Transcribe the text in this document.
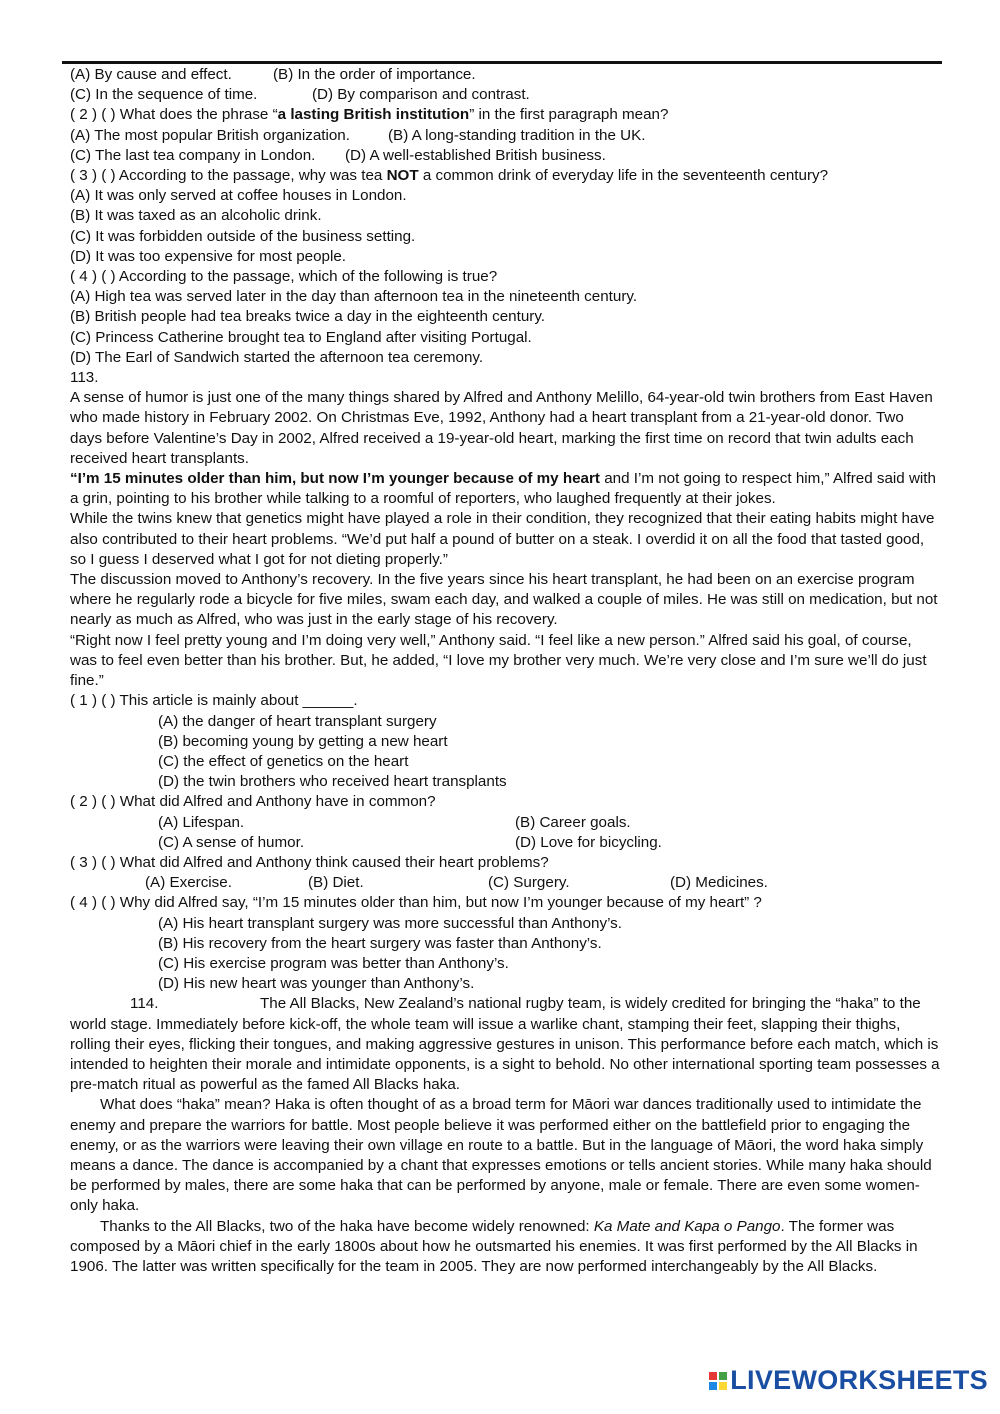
(A) By cause and effect.	(B) In the order of importance.
(C) In the sequence of time.	(D) By comparison and contrast.
( 2 ) ( ) What does the phrase “a lasting British institution” in the first paragraph mean?
(A) The most popular British organization.	(B) A long-standing tradition in the UK.
(C) The last tea company in London. (D) A well-established British business.
( 3 ) ( ) According to the passage, why was tea NOT a common drink of everyday life in the seventeenth century?
(A) It was only served at coffee houses in London.
(B) It was taxed as an alcoholic drink.
(C) It was forbidden outside of the business setting.
(D) It was too expensive for most people.
( 4 ) ( ) According to the passage, which of the following is true?
(A) High tea was served later in the day than afternoon tea in the nineteenth century.
(B) British people had tea breaks twice a day in the eighteenth century.
(C) Princess Catherine brought tea to England after visiting Portugal.
(D) The Earl of Sandwich started the afternoon tea ceremony.
113.
A sense of humor is just one of the many things shared by Alfred and Anthony Melillo, 64-year-old twin brothers from East Haven who made history in February 2002. On Christmas Eve, 1992, Anthony had a heart transplant from a 21-year-old donor. Two days before Valentine’s Day in 2002, Alfred received a 19-year-old heart, marking the first time on record that twin adults each received heart transplants.
“I’m 15 minutes older than him, but now I’m younger because of my heart and I’m not going to respect him,” Alfred said with a grin, pointing to his brother while talking to a roomful of reporters, who laughed frequently at their jokes.
While the twins knew that genetics might have played a role in their condition, they recognized that their eating habits might have also contributed to their heart problems. “We’d put half a pound of butter on a steak. I overdid it on all the food that tasted good, so I guess I deserved what I got for not dieting properly.”
The discussion moved to Anthony’s recovery. In the five years since his heart transplant, he had been on an exercise program where he regularly rode a bicycle for five miles, swam each day, and walked a couple of miles. He was still on medication, but not nearly as much as Alfred, who was just in the early stage of his recovery.
“Right now I feel pretty young and I’m doing very well,” Anthony said. “I feel like a new person.” Alfred said his goal, of course, was to feel even better than his brother. But, he added, “I love my brother very much. We’re very close and I’m sure we’ll do just fine.”
( 1 ) ( ) This article is mainly about ______.
(A) the danger of heart transplant surgery
(B) becoming young by getting a new heart
(C) the effect of genetics on the heart
(D) the twin brothers who received heart transplants
( 2 ) ( ) What did Alfred and Anthony have in common?
(A) Lifespan.	(B) Career goals.
(C) A sense of humor.	(D) Love for bicycling.
( 3 ) ( ) What did Alfred and Anthony think caused their heart problems?
(A) Exercise.	(B) Diet.	(C) Surgery.	(D) Medicines.
( 4 ) ( ) Why did Alfred say, “I’m 15 minutes older than him, but now I’m younger because of my heart” ?
(A) His heart transplant surgery was more successful than Anthony’s.
(B) His recovery from the heart surgery was faster than Anthony’s.
(C) His exercise program was better than Anthony’s.
(D) His new heart was younger than Anthony’s.
114.	The All Blacks, New Zealand’s national rugby team, is widely credited for bringing the “haka” to the world stage. Immediately before kick-off, the whole team will issue a warlike chant, stamping their feet, slapping their thighs, rolling their eyes, flicking their tongues, and making aggressive gestures in unison. This performance before each match, which is intended to heighten their morale and intimidate opponents, is a sight to behold. No other international sporting team possesses a pre-match ritual as powerful as the famed All Blacks haka.
What does “haka” mean? Haka is often thought of as a broad term for Māori war dances traditionally used to intimidate the enemy and prepare the warriors for battle. Most people believe it was performed either on the battlefield prior to engaging the enemy, or as the warriors were leaving their own village en route to a battle. But in the language of Māori, the word haka simply means a dance. The dance is accompanied by a chant that expresses emotions or tells ancient stories. While many haka should be performed by males, there are some haka that can be performed by anyone, male or female. There are even some women-only haka.
Thanks to the All Blacks, two of the haka have become widely renowned: Ka Mate and Kapa o Pango. The former was composed by a Māori chief in the early 1800s about how he outsmarted his enemies. It was first performed by the All Blacks in 1906. The latter was written specifically for the team in 2005. They are now performed interchangeably by the All Blacks.
LIVEWORKSHEETS
